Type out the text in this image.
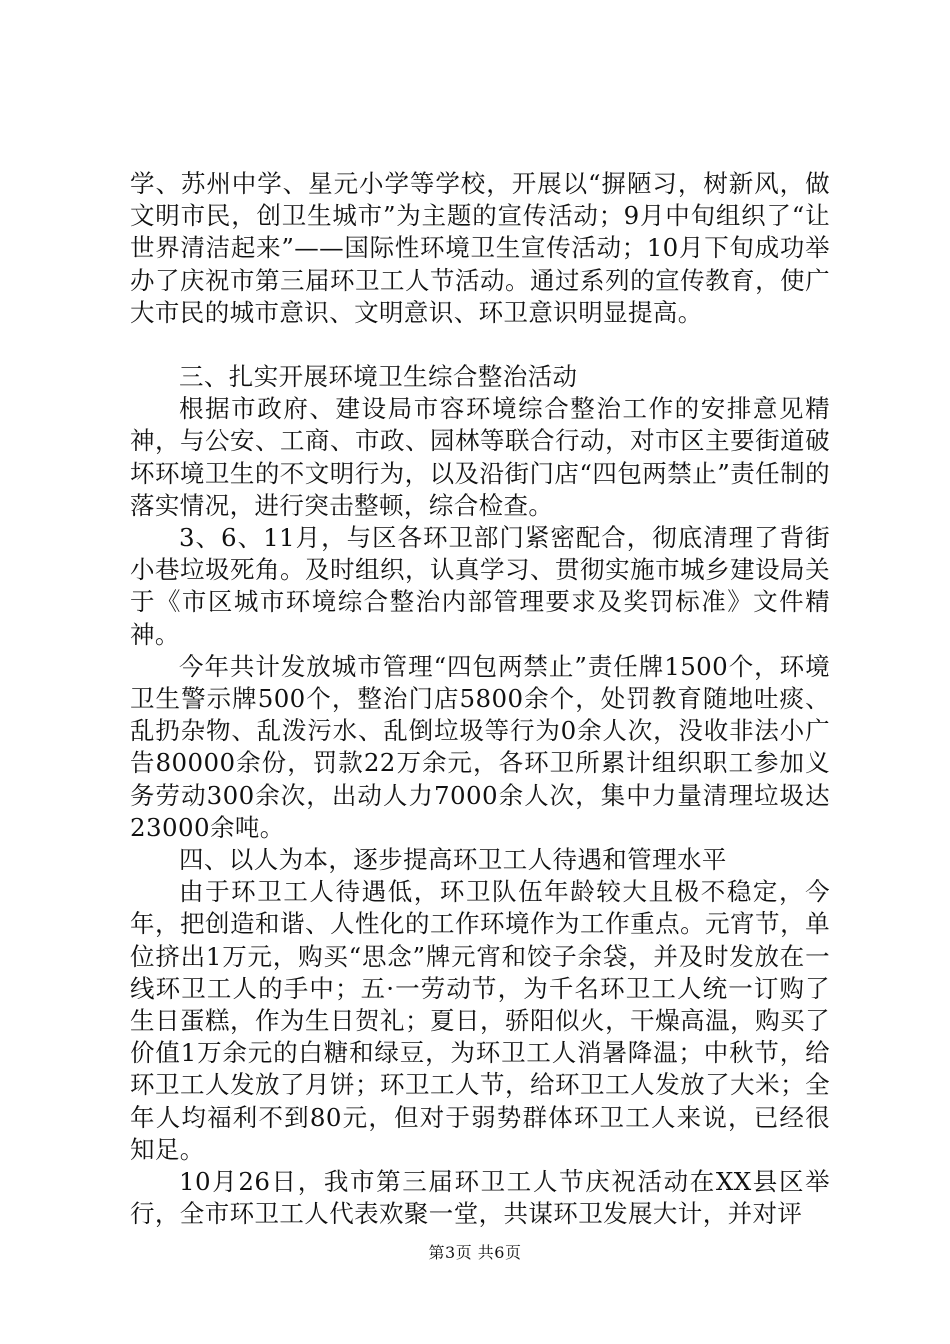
学、苏州中学、星元小学等学校，开展以“摒陋习，树新风，做文明市民，创卫生城市”为主题的宣传活动；9月中旬组织了“让世界清洁起来”——国际性环境卫生宣传活动；10月下旬成功举办了庆祝市第三届环卫工人节活动。通过系列的宣传教育，使广大市民的城市意识、文明意识、环卫意识明显提高。

三、扎实开展环境卫生综合整治活动

根据市政府、建设局市容环境综合整治工作的安排意见精神，与公安、工商、市政、园林等联合行动，对市区主要街道破坏环境卫生的不文明行为，以及沿街门店“四包两禁止”责任制的落实情况，进行突击整顿，综合检查。

3、6、11月，与区各环卫部门紧密配合，彻底清理了背街小巷垃圾死角。及时组织，认真学习、贯彻实施市城乡建设局关于《市区城市环境综合整治内部管理要求及奖罚标准》文件精神。

今年共计发放城市管理“四包两禁止”责任牌1500个，环境卫生警示牌500个，整治门店5800余个，处罚教育随地吐痰、乱扔杂物、乱泼污水、乱倒垃圾等行为0余人次，没收非法小广告80000余份，罚款22万余元，各环卫所累计组织职工参加义务劳动300余次，出动人力7000余人次，集中力量清理垃圾达23000余吨。

四、以人为本，逐步提高环卫工人待遇和管理水平

由于环卫工人待遇低，环卫队伍年龄较大且极不稳定，今年，把创造和谐、人性化的工作环境作为工作重点。元宵节，单位挤出1万元，购买“思念”牌元宵和饺子余袋，并及时发放在一线环卫工人的手中；五·一劳动节，为千名环卫工人统一订购了生日蛋糕，作为生日贺礼；夏日，骄阳似火，干燥高温，购买了价值1万余元的白糖和绿豆，为环卫工人消暑降温；中秋节，给环卫工人发放了月饼；环卫工人节，给环卫工人发放了大米；全年人均福利不到80元，但对于弱势群体环卫工人来说，已经很知足。

10月26日，我市第三届环卫工人节庆祝活动在XX县区举行，全市环卫工人代表欢聚一堂，共谋环卫发展大计，并对评

第3页 共6页
